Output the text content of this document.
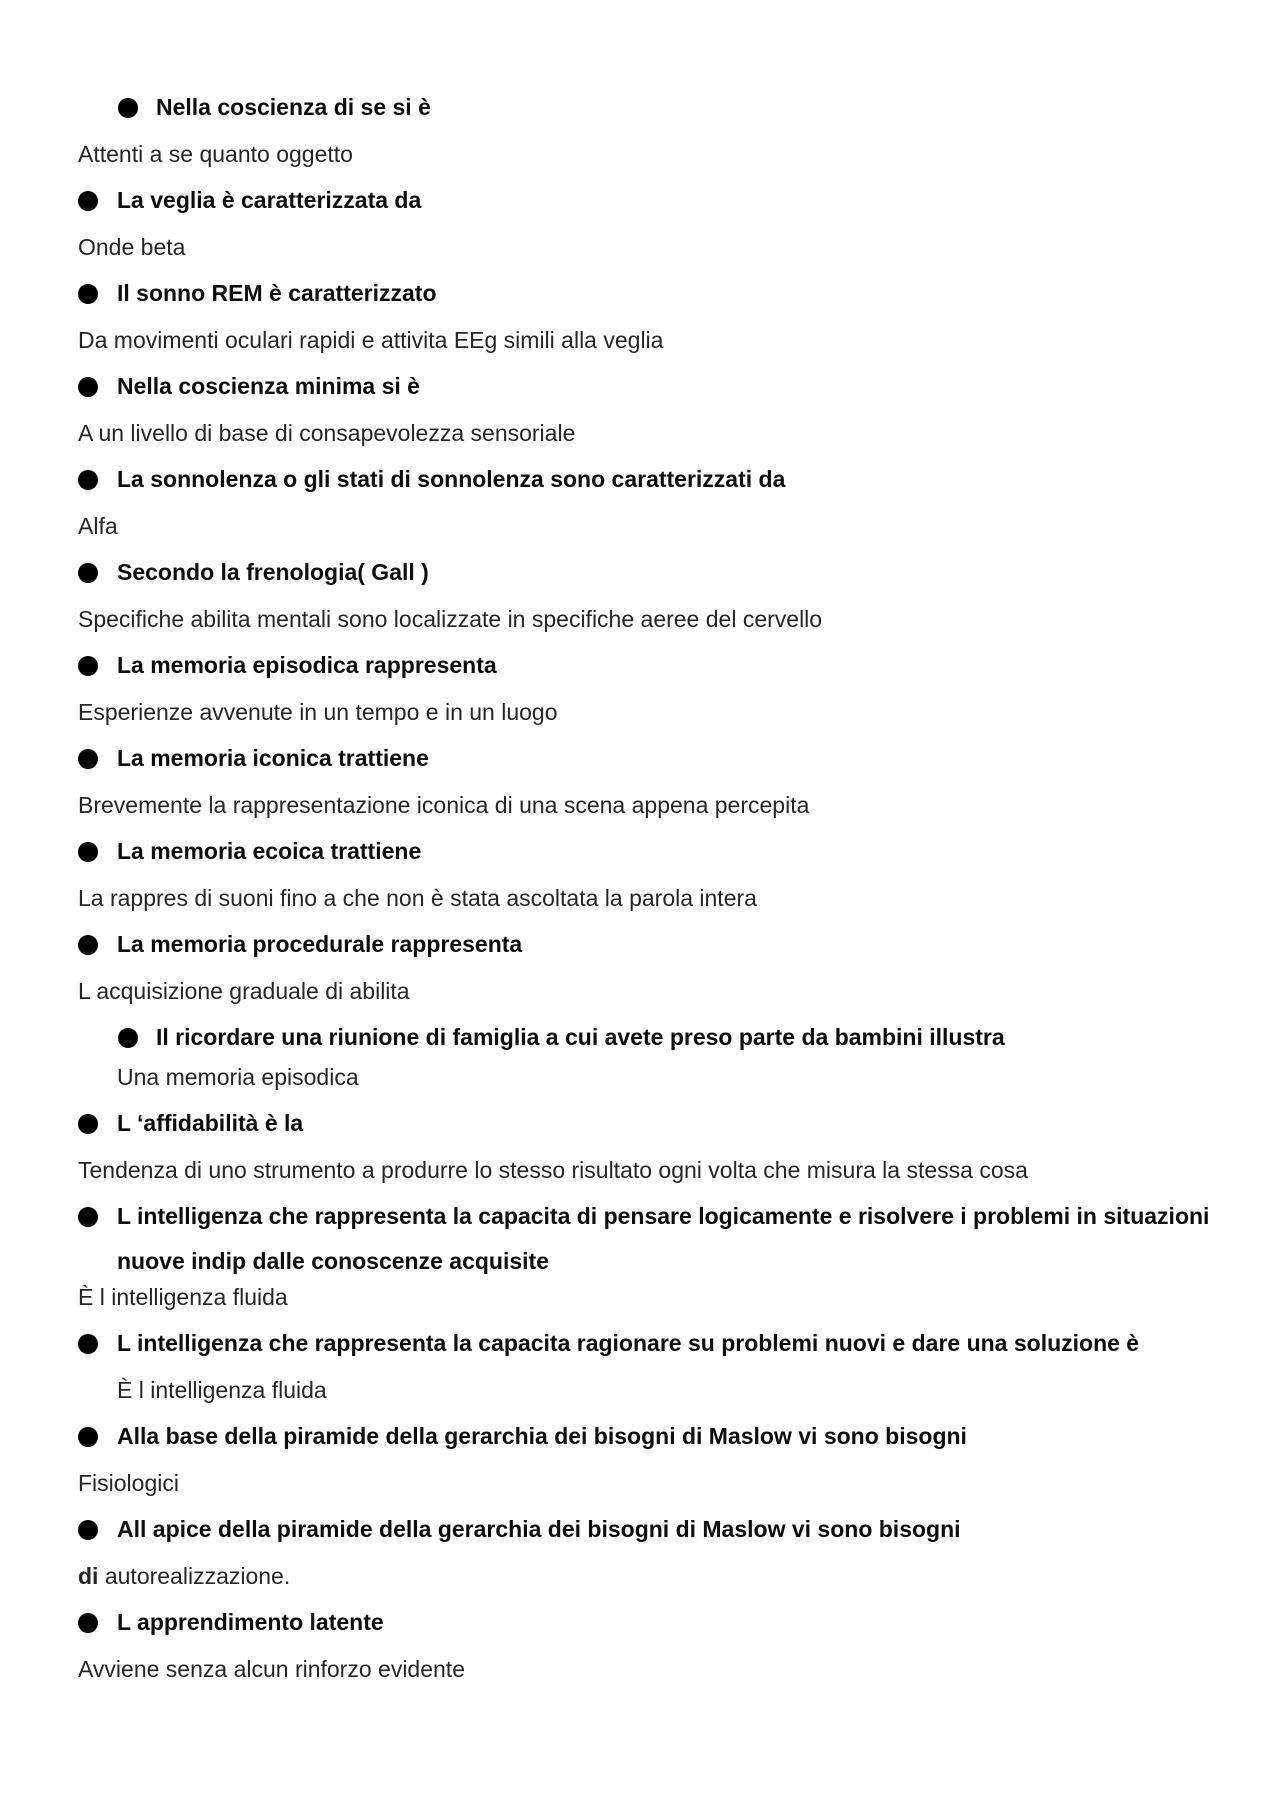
Nella coscienza di se si è
Attenti a se quanto oggetto
La veglia è caratterizzata da
Onde beta
Il sonno REM è caratterizzato
Da movimenti oculari rapidi e attivita EEg simili alla veglia
Nella coscienza minima si è
A un livello di base di consapevolezza sensoriale
La sonnolenza o gli stati di sonnolenza sono caratterizzati da
Alfa
Secondo la frenologia( Gall )
Specifiche abilita mentali sono localizzate in specifiche aeree del cervello
La memoria episodica rappresenta
Esperienze avvenute in un tempo e in un luogo
La memoria iconica trattiene
Brevemente la rappresentazione iconica di una scena appena percepita
La memoria ecoica trattiene
La rappres di suoni fino a che non è stata ascoltata la parola intera
La memoria procedurale rappresenta
L acquisizione graduale di abilita
Il ricordare una riunione di famiglia a cui avete preso parte da bambini illustra
Una memoria episodica
L ‘affidabilità è la
Tendenza di uno strumento a produrre lo stesso risultato ogni volta che misura la stessa cosa
L intelligenza che rappresenta la capacita di pensare logicamente e risolvere i problemi in situazioni
nuove indip dalle conoscenze acquisite
È l intelligenza fluida
L intelligenza che rappresenta la capacita ragionare su problemi nuovi e dare una soluzione è
È l intelligenza fluida
Alla base della piramide della gerarchia dei bisogni di Maslow vi sono bisogni
Fisiologici
All apice della piramide della gerarchia dei bisogni di Maslow vi sono bisogni
di autorealizzazione.
L apprendimento latente
Avviene senza alcun rinforzo evidente
